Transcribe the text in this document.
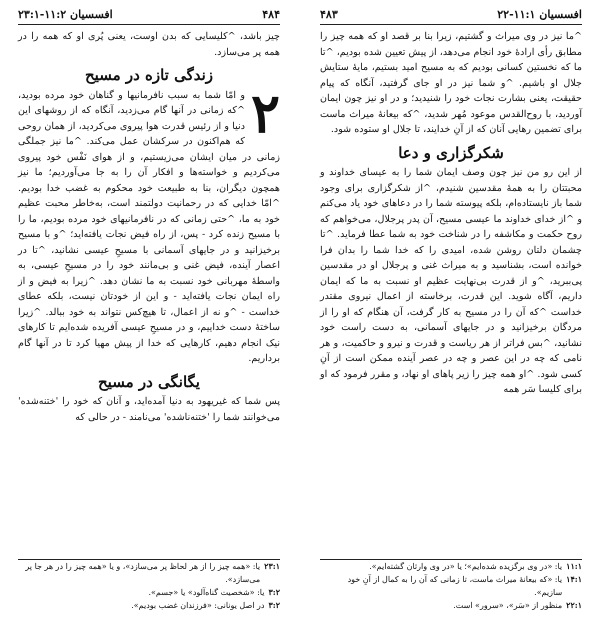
۴۸۴
افسسیان ۱۱:۲-۲۳:۱

چیز باشد، ^کلیسایی که بدن اوست، یعنی پُری او که همه را در همه پر می‌سازد.

زندگی تازه در مسیح

۲
و امّا شما به سبب نافرمانیها و گناهان خود مرده بودید، ^که زمانی در آنها گام می‌زدید، آنگاه که از روشهای این دنیا و از رئیس قدرت هوا پیروی می‌کردید، از همان روحی که هم‌اکنون در سرکشان عمل می‌کند. ^ما نیز جملگی زمانی در میان ایشان می‌زیستیم، و از هوای نَفْس خود پیروی می‌کردیم و خواسته‌ها و افکار آن را به جا می‌آوردیم؛ ما نیز همچون دیگران، بنا به طبیعت خود محکوم به غضب خدا بودیم. ^امّا خدایی که در رحمانیت دولتمند است، به‌خاطر محبت عظیم خود به ما، ^حتی زمانی که در نافرمانیهای خود مرده بودیم، ما را با مسیح زنده کرد - پس، از راه فیض نجات یافته‌اید؛ ^و با مسیح برخیزانید و در جایهای آسمانی با مسیحِ عیسی نشانید، ^تا در اعصار آینده، فیض غنی و بی‌مانند خود را در مسیحِ عیسی، به واسطۀ مهربانی خود نسبت به ما نشان دهد. ^زیرا به فیض و از راه ایمان نجات یافته‌اید - و این از خودتان نیست، بلکه عطای خداست - ^و نه از اعمال، تا هیچ‌کس نتواند به خود ببالد. ^زیرا ساختۀ دست خداییم، و در مسیحِ عیسی آفریده شده‌ایم تا کارهای نیک انجام دهیم، کارهایی که خدا از پیش مهیا کرد تا در آنها گام برداریم.

یگانگی در مسیح

پس شما که غیریهود به دنیا آمده‌اید، و آنان که خود را 'ختنه‌شده' می‌خوانند شما را 'ختنه‌ناشده' می‌نامند - در حالی که

۲۳:۱
یا: «همه چیز را از هر لحاظ پر می‌سازد»، و یا «همه چیز را در هر جا پر می‌سازد».
۳:۲
یا: «شخصیت گناه‌آلود» یا «جسم».
۳:۲
در اصل یونانی: «فرزندان غضب بودیم».
افسسیان ۱۱:۱-۲۲
۴۸۳

^ما نیز در وی میراث و گشتیم، زیرا بنا بر قصد او که همه چیز را مطابق رأی ارادۀ خود انجام می‌دهد، از پیش تعیین شده بودیم، ^تا ما که نخستین کسانی بودیم که به مسیح امید بستیم، مایۀ ستایش جلال او باشیم. ^و شما نیز در او جای گرفتید، آنگاه که پیام حقیقت، یعنی بشارت نجات خود را شنیدید؛ و در او نیز چون ایمان آوردید، با روح‌القدس موعود مُهر شدید، ^که بیعانۀ میراث ماست برای تضمین رهایی آنان که از آنِ خدایند، تا جلال او ستوده شود.

شکرگزاری و دعا

از این رو من نیز چون وصف ایمان شما را به عیسای خداوند و محبتتان را به همۀ مقدسین شنیدم، ^از شکرگزاری برای وجود شما باز نایستاده‌ام، بلکه پیوسته شما را در دعاهای خود یاد می‌کنم و ^از خدای خداوند ما عیسی مسیح، آن پدر پرجلال، می‌خواهم که روح حکمت و مکاشفه را در شناخت خود به شما عطا فرماید. ^تا چشمان دلتان روشن شده، امیدی را که خدا شما را بدان فرا خوانده است، بشناسید و به میراث غنی و پرجلال او در مقدسین پی‌ببرید، ^و از قدرت بی‌نهایت عظیم او نسبت به ما که ایمان داریم، آگاه شوید. این قدرت، برخاسته از اعمال نیروی مقتدر خداست ^که آن را در مسیح به کار گرفت، آن هنگام که او را از مردگان برخیزانید و در جایهای آسمانی، به دست راست خود نشانید، ^بس فراتر از هر ریاست و قدرت و نیرو و حاکمیت، و هر نامی که چه در این عصر و چه در عصر آینده ممکن است از آنِ کسی شود. ^او همه چیز را زیر پاهای او نهاد، و مقرر فرمود که او برای کلیسا سَر همه

۱۱:۱
یا: «در وی برگزیده شده‌ایم»؛ یا «در وی وارثان گشته‌ایم».
۱۴:۱
یا: «که بیعانۀ میراث ماست، تا زمانی که آن را به کمال از آنِ خود سازیم».
۲۲:۱
منظور از «سَر»، «سرور» است.
